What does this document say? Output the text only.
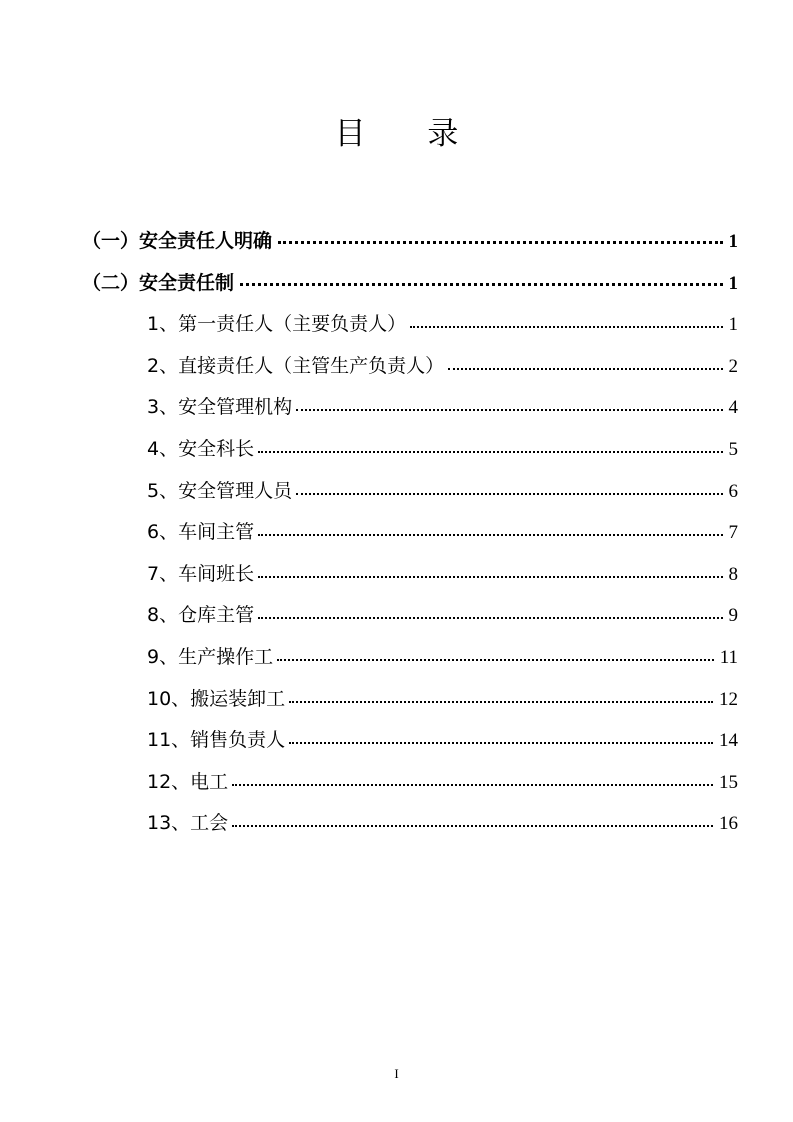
目 录
（一）安全责任人明确	1
（二）安全责任制	1
1、第一责任人（主要负责人）	1
2、直接责任人（主管生产负责人）	2
3、安全管理机构	4
4、安全科长	5
5、安全管理人员	6
6、车间主管	7
7、车间班长	8
8、仓库主管	9
9、生产操作工	11
10、搬运装卸工	12
11、销售负责人	14
12、电工	15
13、工会	16
I
